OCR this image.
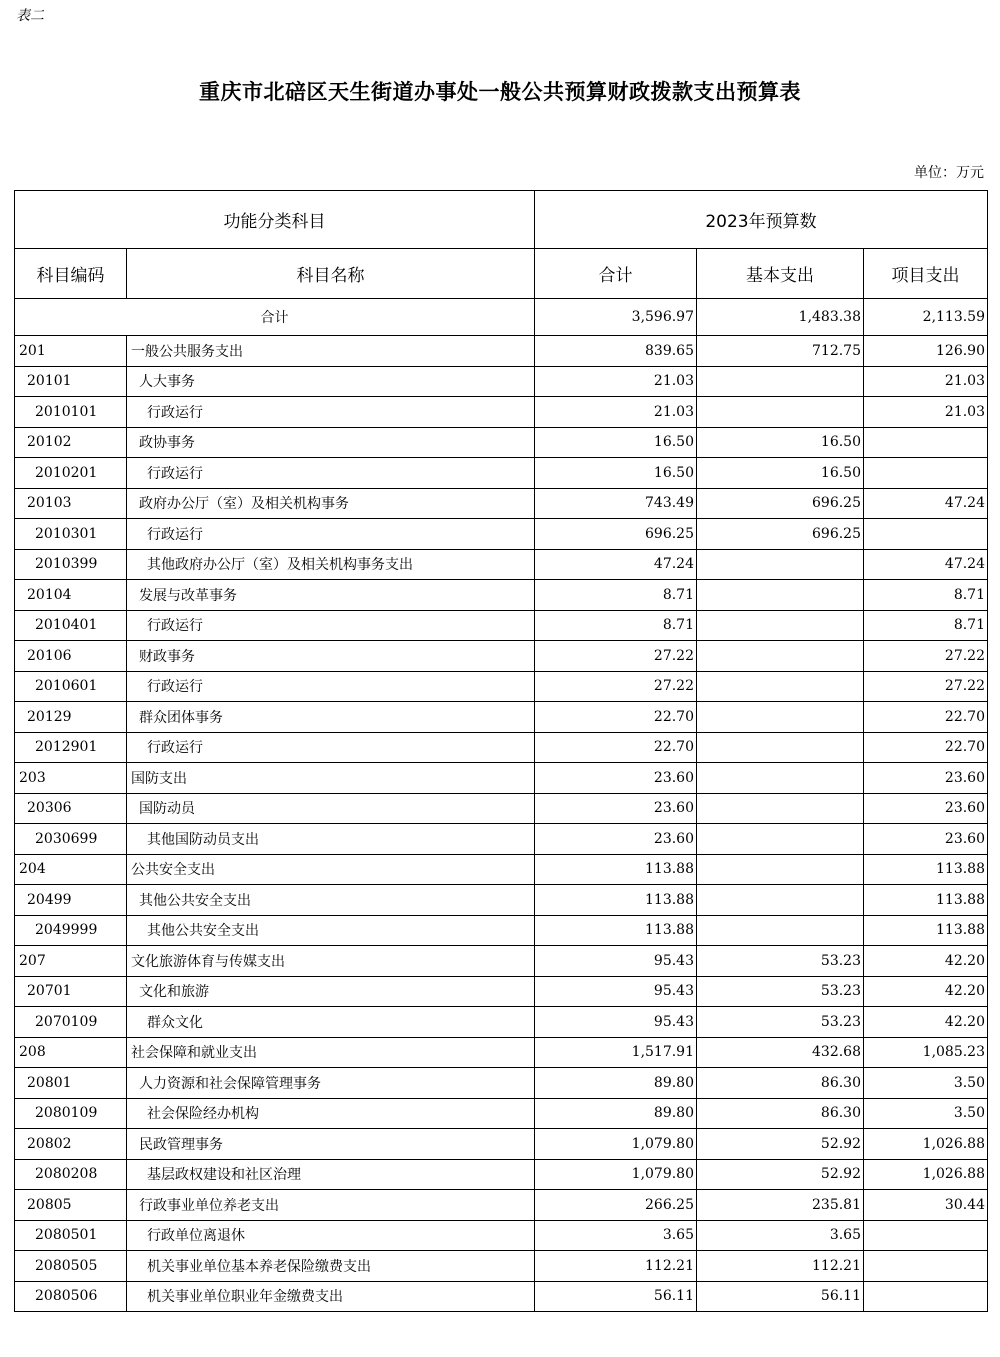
表二
重庆市北碚区天生街道办事处一般公共预算财政拨款支出预算表
单位：万元
功能分类科目		2023年预算数		
科目编码	科目名称	合计	基本支出	项目支出
合计		3,596.97	1,483.38	2,113.59
201	一般公共服务支出	839.65	712.75	126.90
20101	人大事务	21.03		21.03
2010101	行政运行	21.03		21.03
20102	政协事务	16.50	16.50	
2010201	行政运行	16.50	16.50	
20103	政府办公厅（室）及相关机构事务	743.49	696.25	47.24
2010301	行政运行	696.25	696.25	
2010399	其他政府办公厅（室）及相关机构事务支出	47.24		47.24
20104	发展与改革事务	8.71		8.71
2010401	行政运行	8.71		8.71
20106	财政事务	27.22		27.22
2010601	行政运行	27.22		27.22
20129	群众团体事务	22.70		22.70
2012901	行政运行	22.70		22.70
203	国防支出	23.60		23.60
20306	国防动员	23.60		23.60
2030699	其他国防动员支出	23.60		23.60
204	公共安全支出	113.88		113.88
20499	其他公共安全支出	113.88		113.88
2049999	其他公共安全支出	113.88		113.88
207	文化旅游体育与传媒支出	95.43	53.23	42.20
20701	文化和旅游	95.43	53.23	42.20
2070109	群众文化	95.43	53.23	42.20
208	社会保障和就业支出	1,517.91	432.68	1,085.23
20801	人力资源和社会保障管理事务	89.80	86.30	3.50
2080109	社会保险经办机构	89.80	86.30	3.50
20802	民政管理事务	1,079.80	52.92	1,026.88
2080208	基层政权建设和社区治理	1,079.80	52.92	1,026.88
20805	行政事业单位养老支出	266.25	235.81	30.44
2080501	行政单位离退休	3.65	3.65	
2080505	机关事业单位基本养老保险缴费支出	112.21	112.21	
2080506	机关事业单位职业年金缴费支出	56.11	56.11	
